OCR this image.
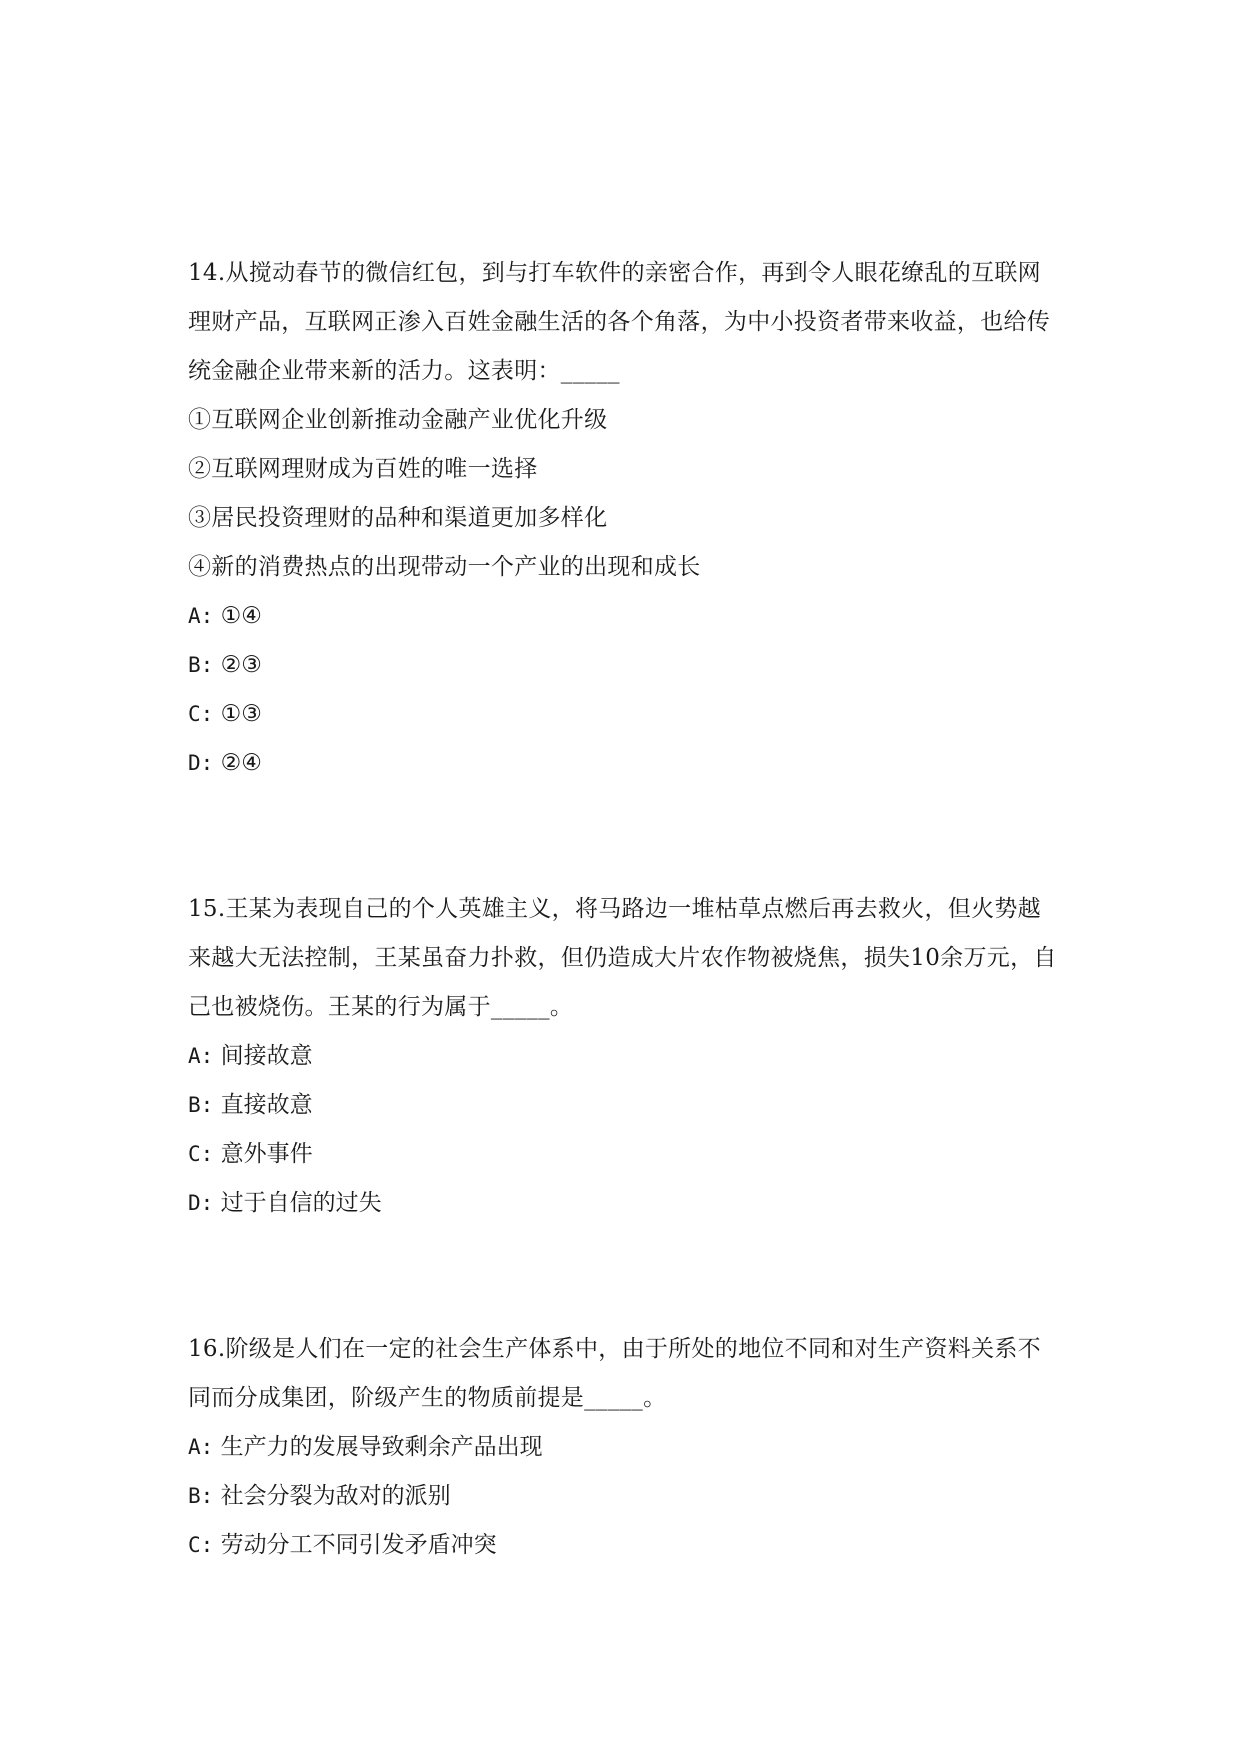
14.从搅动春节的微信红包，到与打车软件的亲密合作，再到令人眼花缭乱的互联网理财产品，互联网正渗入百姓金融生活的各个角落，为中小投资者带来收益，也给传统金融企业带来新的活力。这表明：_____

①互联网企业创新推动金融产业优化升级
②互联网理财成为百姓的唯一选择
③居民投资理财的品种和渠道更加多样化
④新的消费热点的出现带动一个产业的出现和成长
A: ①④
B: ②③
C: ①③
D: ②④

15.王某为表现自己的个人英雄主义，将马路边一堆枯草点燃后再去救火，但火势越来越大无法控制，王某虽奋力扑救，但仍造成大片农作物被烧焦，损失10余万元，自己也被烧伤。王某的行为属于_____。

A: 间接故意
B: 直接故意
C: 意外事件
D: 过于自信的过失

16.阶级是人们在一定的社会生产体系中，由于所处的地位不同和对生产资料关系不同而分成集团，阶级产生的物质前提是_____。

A: 生产力的发展导致剩余产品出现
B: 社会分裂为敌对的派别
C: 劳动分工不同引发矛盾冲突
